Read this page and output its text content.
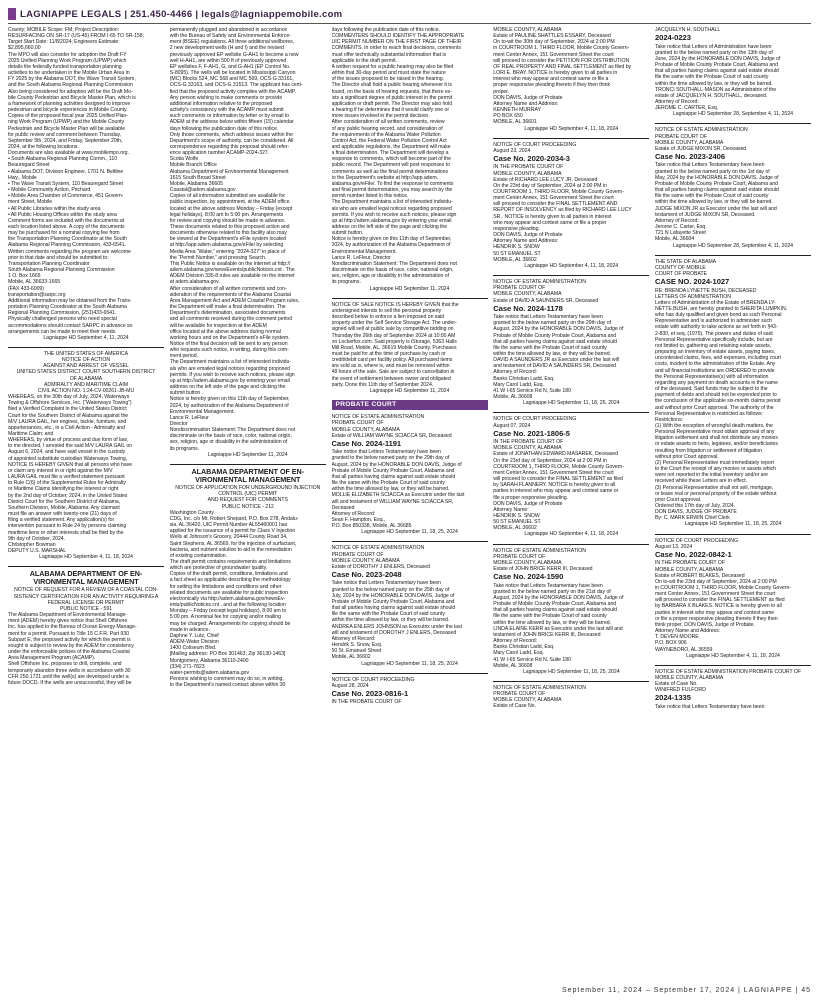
LAGNIAPPE LEGALS | 251.450-4466 | legals@lagniappemobile.com

County; MOBILE Scope: FM; Project Description:

RESURFACING ON SR-17 (US-45) FROM I-65 TO SR-158;

Target Start Date: 11/8/2024; Engineers Estimate:

$2,895,660.00

The MPO will also consider for adoption the Draft FY

2025 Unified Planning Work Program (UPWP) which

details the federally funded transportation planning

activities to be undertaken in the Mobile Urban Area in

FY 2025 by the Alabama DOT, the Wave Transit System,

and the South Alabama Regional Planning Commission

Also being considered for adoption will be the Draft Mo-

bile County Pedestrian and Bicycle Master Plan, which is

a framework of planning activities designed to improve

pedestrian and bicycle experiences in Mobile County.

Copies of the proposed fiscal year 2025 Unified Plan-

ning Work Program (UPWP) and the Mobile County

Pedestrian and Bicycle Master Plan will be available

for public review and comment between Thursday,

September 5th, 2024, and Friday, September 20th,

2024, at the following locations.

Documents are also available at www.mobilempo.org.

• South Alabama Regional Planning Comm., 110

Beauregard Street

• Alabama DOT, Division Engineer, 1701 N. Beltline

Hwy., Mobile

• The Wave Transit System, 110 Beauregard Street

• Mobile Community Action, Prichard

• Mobile Area Chamber of Commerce, 451 Govern-

ment Street, Mobile

• All Public Libraries within the study area

• All Public Housing Offices within the study area

Comment forms are included with the documents at

each location listed above. A copy of the documents

may be purchased for a nominal copying fee from

the Transportation Planning Coordinator at the South

Alabama Regional Planning Commission, 433-6541.

Written comments regarding the program are welcome

prior to that date and should be submitted to:

Transportation Planning Coordinator

South Alabama Regional Planning Commission

1 O. Box 1665

Mobile, AL 36633-1665

(FAX 433-6009)

transportation@sarpc.org

Additional information may be obtained from the Trans-

portation Planning Coordinator at the South Alabama

Regional Planning Commission, (251)433-6541.

Physically challenged persons who need special

accommodations should contact SARPC in advance so

arrangements can be made to meet their needs.

Lagniappe HD September 4, 11, 2024

THE UNITED STATES OF AMERICA

NOTICE OF ACTION

AGAINST AND ARREST OF VESSEL

UNITED STATES DISTRICT COURT SOUTHERN DISTRICT

OF ALABAMA

ADMIRALTY AND MARITIME CLAIM

CIVIL ACTION NO. 1:24-CV-00261-JB-MU

WHEREAS, on the 30th day of July, 2024, Waterways

Towing & Offshore Services, Inc. (“Waterways Towing”)

filed a Verified Complaint in the United States District

Court for the Southern District of Alabama against the

M/V LAURA GAIL, her engines, tackle, furniture, and

appurtenances, etc., in a Civil Action - Admiralty and

Maritime Claim; and

WHEREAS, by virtue of process and due form of law,

to me directed, I arrested the said M/V LAURA GAIL on

August 6, 2024, and have said vessel in the custody

of appointed substitute custodian Waterways Towing,

NOTICE IS HEREBY GIVEN that all persons who have

or claim any interest in or right against the M/V

LAURA GAIL must file a verified statement pursuant

to Rule C(6) of the Supplemental Rules for Admiralty

or Maritime Claims identifying the interest or right

by the 2nd day of October, 2024, in the United States

District Court for the Southern District of Alabama,

Southern Division, Mobile, Alabama. Any claimant

must file an answer with twenty-one (21) days of

filing a verified statement. Any application(s) for

intervention pursuant to Rule 24 by persons claiming

maritime liens or other interests shall be filed by the

9th day of October, 2024.

Christopher Bowman

DEPUTY U.S. MARSHAL

Lagniappe HD September 4, 11, 18, 2024

ALABAMA DEPARTMENT OF EN-VIRONMENTAL MANAGEMENT

NOTICE OF REQUEST FOR A REVIEW OF A COASTAL CON-

SISTENCY CERTIFICATION FOR AN ACTIVITY REQUIRING A

FEDERAL LICENSE OR PERMIT

PUBLIC NOTICE - 591

The Alabama Department of Environmental Manage-

ment (ADEM) hereby gives notice that Shell Offshore

Inc. has applied to the Bureau of Ocean Energy Manage-

ment for a permit. Pursuant to Title 15 C.F.R. Part 930

Subpart E, the proposed activity for which the permit is

sought is subject to review by the ADEM for consistency

under the enforceable policies of the Alabama Coastal

Area Management Program (ACAMP).

Shell Offshore Inc. proposes to drill, complete, and

temporarily abandon three wells in accordance with 30

CFR 250.1721 until the well(s) are developed under a

future DOCD. If the wells are unsuccessful, they will be

permanently plugged and abandoned in accordance

with the Bureau of Safety and Environmental Enforce-

ment (BSEE) regulations. All three additional wellbores,

2 new development wells (H and I) and the revised

previously approved EP wellsite G-AH1 to become a new

well H-AH1, are within 500 ft of previously approved

EP wellsites F, F-AH1, G, and G-AH1 (EP Control No.

S-8095). The wells will be located in Mississippi Canyon

(MC) Blocks 524, MC 568 and MC 569, OCS-G 33161,

OCS-G 33163, and OCS-G 31513. The applicant has certi-

fied that the proposed activity complies with the ACAMP.

Any person wishing to make comments or provide

additional information relative to the proposed

activity's consistency with the ACAMP must submit

such comments or information by letter or by email to

ADEM at the address below within fifteen (15) calendar

days following the publication date of this notice.

Only those comments, which address issues within the

Department's scope of authority, can be considered. All

correspondence regarding this proposal should refer-

ence application number ACAMP-2024-327.

Scotia Wolfe

Mobile Branch Office

Alabama Department of Environmental Management

1615 South Broad Street

Mobile, Alabama 36605

Coastal@adem.alabama.gov

Copies of all information submitted are available for

public inspection, by appointment, at the ADEM office

located at the above address Monday – Friday (except

legal holidays), 8:00 am to 5:00 pm. Arrangements

for review and copying should be made in advance.

These documents related to this proposed action and

documents otherwise related to this facility also may

be viewed at the Department's eFile system located

at http://app.adem.alabama.gov/eFile/ by selecting

Media Area “Water,” entering “2024-327” in place of

the “Permit Number,” and pressing Search.

This Public Notice is available on the internet at http://

adem.alabama.gov/newsEvents/publicNotices.cnt . The

ADEM Division 335-8 rules are available on the internet

at adem.alabama.gov.

After consideration of all written comments and con-

sideration of the requirements of the Alabama Coastal

Area Management Act and ADEM Coastal Program rules,

the Department will make a final determination. The

Department's determination, associated documents

and all comments received during the comment period

will be available for inspection at the ADEM

office located at the above address during normal

working hours and on the Department's eFile system.

Notice of the final decision will be sent to any person

who requests such notice, in writing, during this com-

ment period.

The Department maintains a list of interested individu-

als who are emailed legal notices regarding proposed

permits. If you wish to receive such notices, please sign

up at http://adem.alabama.gov by entering your email

address on the left side of the page and clicking the

submit button .

Notice is hereby given on this 11th day of September,

2024, by authorization of the Alabama Department of

Environmental Management.

Lance R. LeFleur

Director

Nondiscrimination Statement: The Department does not

discriminate on the basis of race, color, national origin,

sex, religion, age or disability in the administration of

its programs.

Lagniappe HD September 11, 2024

ALABAMA DEPARTMENT OF EN-VIRONMENTAL MANAGEMENT

NOTICE OF APPLICATION FOR UNDERGROUND INJECTION

CONTROL (UIC) PERMIT

AND REQUEST FOR COMMENTS

PUBLIC NOTICE - 212

Washington County

CDG, Inc. c/o Mr. Robert Shepard, P.O. Box 278, Andalu-

sia, AL 36420, UIC Permit Number AL55460001 has

applied for the issuance of a permit for Class V Injection

Wells at Johnson's Grocery, 20444 County Road 34,

Saint Stephens, AL 36569, for the injection of surfactant,

bacteria, and nutrient solution to aid in the remediation

of existing contamination.

The draft permit contains requirements and limitations

which are protective of groundwater quality.

Copies of the draft permit, conditions, limitations and

a fact sheet as applicable describing the methodology

for setting the limitations and conditions and other

related documents are available for public inspection

electronically via http://adem.alabama.gov/newsEv-

ents/publicNotices.cnt , and at the following location

Monday – Friday (except legal holidays), 8:00 am to

5:00 pm. A nominal fee for copying and/or mailing

may be charged. Arrangements for copying should be

made in advance.

Daphne Y. Lutz, Chief

ADEM-Water Division

1400 Coliseum Blvd.

[Mailing address: PO Box 301463; Zip 36130-1463]

Montgomery, Alabama 36110-2400

(334) 271-7823

water-permits@adem.alabama.gov

Persons wishing to comment may do so, in writing,

to the Department's named contact above within 30

days following the publication date of this notice.

COMMENTERS SHOULD IDENTIFY THE APPROPRIATE

UIC PERMIT NUMBER ON THE FIRST PAGE OF THEIR

COMMENTS. In order to reach final decisions, comments

must offer technically substantial information that is

applicable to the draft permit.

A written request for a public hearing may also be filed

within that 30-day period and must state the nature

of the issues proposed to be raised in the hearing.

The Director shall hold a public hearing whenever it is

found, on the basis of hearing requests, that there ex-

ists a significant degree of public interest in the permit

application or draft permit. The Director may also hold

a hearing if he determines that it would clarify one or

more issues involved in the permit decision.

After consideration of all written comments, review

of any public hearing record, and consideration of

the requirements of the Alabama Water Pollution

Control Act, the Federal Water Pollution Control Act

and applicable regulations, the Department will make

a final determination. The Department will develop a

response to comments, which will become part of the

public record. The Department will post responses to

comments as well as the final permit determinations

to the Department's website at http://app.adem.

alabama.gov/eFile/. To find the response to comments

and final permit determination, you may search by the

permit number listed in this notice.

The Department maintains a list of interested individu-

als who are emailed legal notices regarding proposed

permits. If you wish to receive such notices, please sign

up at http://adem.alabama.gov by entering your email

address on the left side of the page and clicking the

submit button.

Notice is hereby given on this 11th day of September,

2024, by authorization of the Alabama Department of

Environmental Management.

Lance R. LeFleur, Director

Nondiscrimination Statement: The Department does not

discriminate on the basis of race, color, national origin,

sex, religion, age or disability in the administration of

its programs.

Lagniappe HD September 11, 2024

NOTICE OF SALE NOTICE IS HEREBY GIVEN that the

undersigned intends to sell the personal property

described below to enforce a lien imposed on said

property under the Self Service Storage Act. The under-

signed will sell at public sale by competitive bidding on

Thursday the 26th day of September 2024 at 10:00 AM

on Lockerfox.com. Said property is iStorage, 5363 Halls

Mill Road, Mobile, AL, 36619 Mobile County. Purchases

must be paid for at the time of purchase by cash or

credit/debit card per facility policy. All purchased items

are sold as is, where is, and must be removed within

48 hours of the sale. Sale are subject to cancellation in

the event of settlement between owner and obligated

party. Done this 11th day of September 2024.

Lagniappe HD September 11, 2024

PROBATE COURT

NOTICE OF ESTATE ADMINISTRATION

PROBATE COURT OF

MOBILE COUNTY, ALABAMA

Estate of WILLIAM WAYNE SCIACCA SR, Deceased

Case No. 2024-1191

Take notice that Letters Testamentary have been

granted to the below named party on the 29th day of

August, 2024 by the HONORABLE DON DAVIS, Judge of

Probate of Mobile County Probate Court, Alabama and

that all parties having claims against said estate should

file the same with the Probate Court of said county

within the time allowed by law, or they will be barred.

MOLLIE ELIZABETH SCIACCA as Executrix under the last

will and testament of WILLIAM WAYNE SCIACCA SR,

Deceased

Attorney of Record:

Sean F. Hampton, Esq.,

P.O. Box 850338, Mobile, AL 36685

Lagniappe HD September 11, 18, 25, 2024

NOTICE OF ESTATE ADMINISTRATION

PROBATE COURT OF

MOBILE COUNTY, ALABAMA

Estate of DOROTHY J ENLERS, Deceased

Case No. 2023-2048

Take notice that Letters Testamentary have been

granted to the below named party on the 25th day of

July, 2024 by the HONORABLE DON DAVIS, Judge of

Probate of Mobile County Probate Court, Alabama and

that all parties having claims against said estate should

file the same with the Probate Court of said county

within the time allowed by law, or they will be barred.

ANDREA ENLERS JOHNSON as Executrix under the last

will and testament of DOROTHY J ENLERS, Deceased

Attorney of Record:

Hendrik S. Snow, Esq.

50 St. Emanuel Street

Mobile, AL 36602

Lagniappe HD September 11, 18, 25, 2024

NOTICE OF COURT PROCEEDING

August 28, 2024

Case No. 2023-0816-1

IN THE PROBATE COURT OF

MOBILE COUNTY, ALABAMA

Estate of PAULINE SHATTLES ESSARY, Deceased

On to-wit the 30th day of September, 2024 at 2:00 PM

in COURTROOM 1, THIRD FLOOR, Mobile County Govern-

ment Center Annex, 151 Government Street the court

will proceed to consider the PETITION FOR DISTRIBUTION

OF REAL PROPERTY AND FINAL SETTLEMENT as filed by

LORI E. BRAY. NOTICE is hereby given to all parties in

interest who may appear and contest same or file a

proper responsive pleading thereto if they then think

proper.

DON DAVIS, Judge of Probate

Attorney Name and Address:

KENNETH MURRAY

PO BOX 650

MOBILE, AL 36601

Lagniappe HD September 4, 11, 18, 2024

NOTICE OF COURT PROCEEDING

August 23, 2024

Case No. 2020-2034-3

IN THE PROBATE COURT OF

MOBILE COUNTY, ALABAMA

Estate of RICHARD LEE LUCY JR, Deceased

On the 23rd day of September, 2024 at 2:00 PM in

COURTROOM 1, THIRD FLOOR, Mobile County Govern-

ment Center Annex, 151 Government Street the court

will proceed to consider the FINAL SETTLEMENT AND

REPORT OF INSOLVENCY as filed by RICHARD LEE LUCY

SR.. NOTICE is hereby given to all parties in interest

who may appear and contest same or file a proper

responsive pleading.

DON DAVIS, Judge of Probate

Attorney Name and Address:

HENDRIK S. SNOW

50 ST EMANUEL ST

MOBILE, AL 36602

Lagniappe HD September 4, 11, 18, 2024

NOTICE OF ESTATE ADMINISTRATION

PROBATE COURT OF

MOBILE COUNTY, ALABAMA

Estate of DAVID A SAUNDERS SR, Deceased

Case No. 2024-1178

Take notice that Letters Testamentary have been

granted to the below named party on the 29th day of

August, 2024 by the HONORABLE DON DAVIS, Judge of

Probate of Mobile County Probate Court, Alabama and

that all parties having claims against said estate should

file the same with the Probate Court of said county

within the time allowed by law, or they will be barred.

DAVID A SAUNDERS JR as Executor under the last will

and testament of DAVID A SAUNDERS SR, Deceased

Attorney of Record:

Banks Christian Ladd, Esq.

Mary Carol Ladd, Esq.

41 W I-65 Service Rd N, Suite 180

Mobile, AL 36608

Lagniappe HD September 11, 18, 25, 2024

NOTICE OF COURT PROCEEDING

August 07, 2024

Case No. 2021-1806-5

IN THE PROBATE COURT OF

MOBILE COUNTY, ALABAMA

Estate of JONATHAN EDWARD MASAREK, Deceased

On the 23rd day of September, 2024 at 2:00 PM in

COURTROOM 1, THIRD FLOOR, Mobile County Govern-

ment Center Annex, 151 Government Street the court

will proceed to consider the FINAL SETTLEMENT as filed

by SARAH FLANNERY. NOTICE is hereby given to all

parties in interest who may appear and contest same or

file a proper responsive pleading.

DON DAVIS, Judge of Probate

Attorney Name:

HENDRIK S. SNOW

50 ST EMANUEL ST.

MOBILE, AL 36602

Lagniappe HD September 4, 11, 18, 2024

NOTICE OF ESTATE ADMINISTRATION

PROBATE COURT OF

MOBILE COUNTY, ALABAMA

Estate of JOHN BRICE KERR III, Deceased

Case No. 2024-1590

Take notice that Letters Testamentary have been

granted to the below named party on the 21st day of

August, 2024 by the HONORABLE DON DAVIS, Judge of

Probate of Mobile County Probate Court, Alabama and

that all parties having claims against said estate should

file the same with the Probate Court of said county

within the time allowed by law, or they will be barred.

LINDA ELAINE KERR as Executrix under the last will and

testament of JOHN BRICE KERR III, Deceased

Attorney of Record:

Banks Christian Ladd, Esq.

Mary Carol Ladd, Esq.

41 W I-65 Service Rd N, Suite 180

Mobile, AL 36608

Lagniappe HD September 11, 18, 25, 2024

NOTICE OF ESTATE ADMINISTRATION

PROBATE COURT OF

MOBILE COUNTY, ALABAMA

Estate of Case No.

JACQUELYN H. SOUTHALL

2024-0223

Take notice that Letters of Administration have been

granted to the below named party on the 13th day of

June, 2024 by the HONORABLE DON DAVIS, Judge of

Probate of Mobile County Probate Court, Alabama and

that all parties having claims against said estate should

file the same with the Probate Court of said county

within the time allowed by law, or they will be barred.

TRONCI SOUTHALL-MASON as Administratrix of the

estate of JACQUELYN H. SOUTHALL, deceased.

Attorney of Record:

JEROME C. CARTER, Esq.

Lagniappe HD September 28, September 4, 11, 2024

NOTICE OF ESTATE ADMINISTRATION

PROBATE COURT OF

MOBILE COUNTY, ALABAMA

Estate of JUDGE MIXON SR, Deceased

Case No. 2023-2406

Take notice that Letters Testamentary have been

granted to the below named party on the 1st day of

May, 2024 by the HONORABLE DON DAVIS, Judge of

Probate of Mobile County Probate Court, Alabama and

that all parties having claims against said estate should

file the same with the Probate Court of said county

within the time allowed by law, or they will be barred.

JUDGE MIXON JR as Executor under the last will and

testament of JUDGE MIXON SR, Deceased.

Attorney of Record:

Jerome C. Carter, Esq.

721 N Lafayette Street

Mobile, AL 36604

Lagniappe HD September 28, September 4, 11, 2024

THE STATE OF ALABAMA

COUNTY OF MOBILE

COURT OF PROBATE

CASE NO. 2024-1027

RE: BRENDA LYNETTE BUSH, DECEASED

LETTERS OF ADMINISTRATION

Letters of Administration of the Estate of BRENDA LY-

NETTE BUSH, are hereby granted to SHERITA LUMPKIN,

who has duly qualified and given bond as such Personal

Representative and is authorized to administer such

estate with authority to take actions as set forth in §43-

2-830, et seq. (1975). The powers and duties of said

Personal Representative specifically include, but are

not limited to, gathering and retaining estate assets,

preparing an inventory of estate assets, paying taxes,

uncontested claims, fees, and expenses, including court

costs, incident to the administration of the Estate. Any

and all financial institutions are ORDERED to provide

the Personal Representative(s) with all information

regarding any payment on death accounts in the name

of the deceased. Said funds may be subject to the

payment of debts and should not be expended prior to

the conclusion of the applicable six-month claims period

and without prior Court approval. The authority of the

Personal Representative is restricted as follows:

Restrictions:

(1) With the exception of wrongful death matters, the

Personal Representative must obtain approval of any

litigation settlement and shall not distribute any monies

or estate assets to heirs, legatees, and/or beneficiaries

resulting from litigation or settlement of litigation

without prior Court approval.

(2) Personal Representative must immediately report

to the Court the receipt of any monies or assets which

were not reported in the initial inventory and/or are

received while these Letters are in effect.

(3) Personal Representative shall not sell, mortgage,

or lease real or personal property of the estate without

prior Court approval.

Ordered this 17th day of July, 2024.

DON DAVIS, JUDGE OF PROBATE

By: C. MARK ERWIN Chief Clerk

Lagniappe HD September 11, 18, 25, 2024

NOTICE OF COURT PROCEEDING

August 13, 2024

Case No. 2022-0842-1

IN THE PROBATE COURT OF

MOBILE COUNTY, ALABAMA

Estate of ROBERT BLAKES, Deceased

On to-wit the 23rd day of September, 2024 at 2:00 PM

in COURTROOM 1, THIRD FLOOR, Mobile County Govern-

ment Center Annex, 151 Government Street the court

will proceed to consider the FINAL SETTLEMENT as filed

by BARBARA X BLAKES. NOTICE is hereby given to all

parties in interest who may appear and contest same

or file a proper responsive pleading thereto if they then

think proper. DON DAVIS, Judge of Probate.

Attorney Name and Address:

T. DEVEN MOORE

P.O. BOX 906

WAYNEBORO, AL 36559

Lagniappe HD September 4, 11, 18, 2024

NOTICE OF ESTATE ADMINISTRATION PROBATE COURT OF

MOBILE COUNTY, ALABAMA

Estate of Case No.

WINIFRED FULFORD

2024-1335

Take notice that Letters Testamentary have been

September 11, 2024 – September 17, 2024 | LAGNIAPPE | 45
